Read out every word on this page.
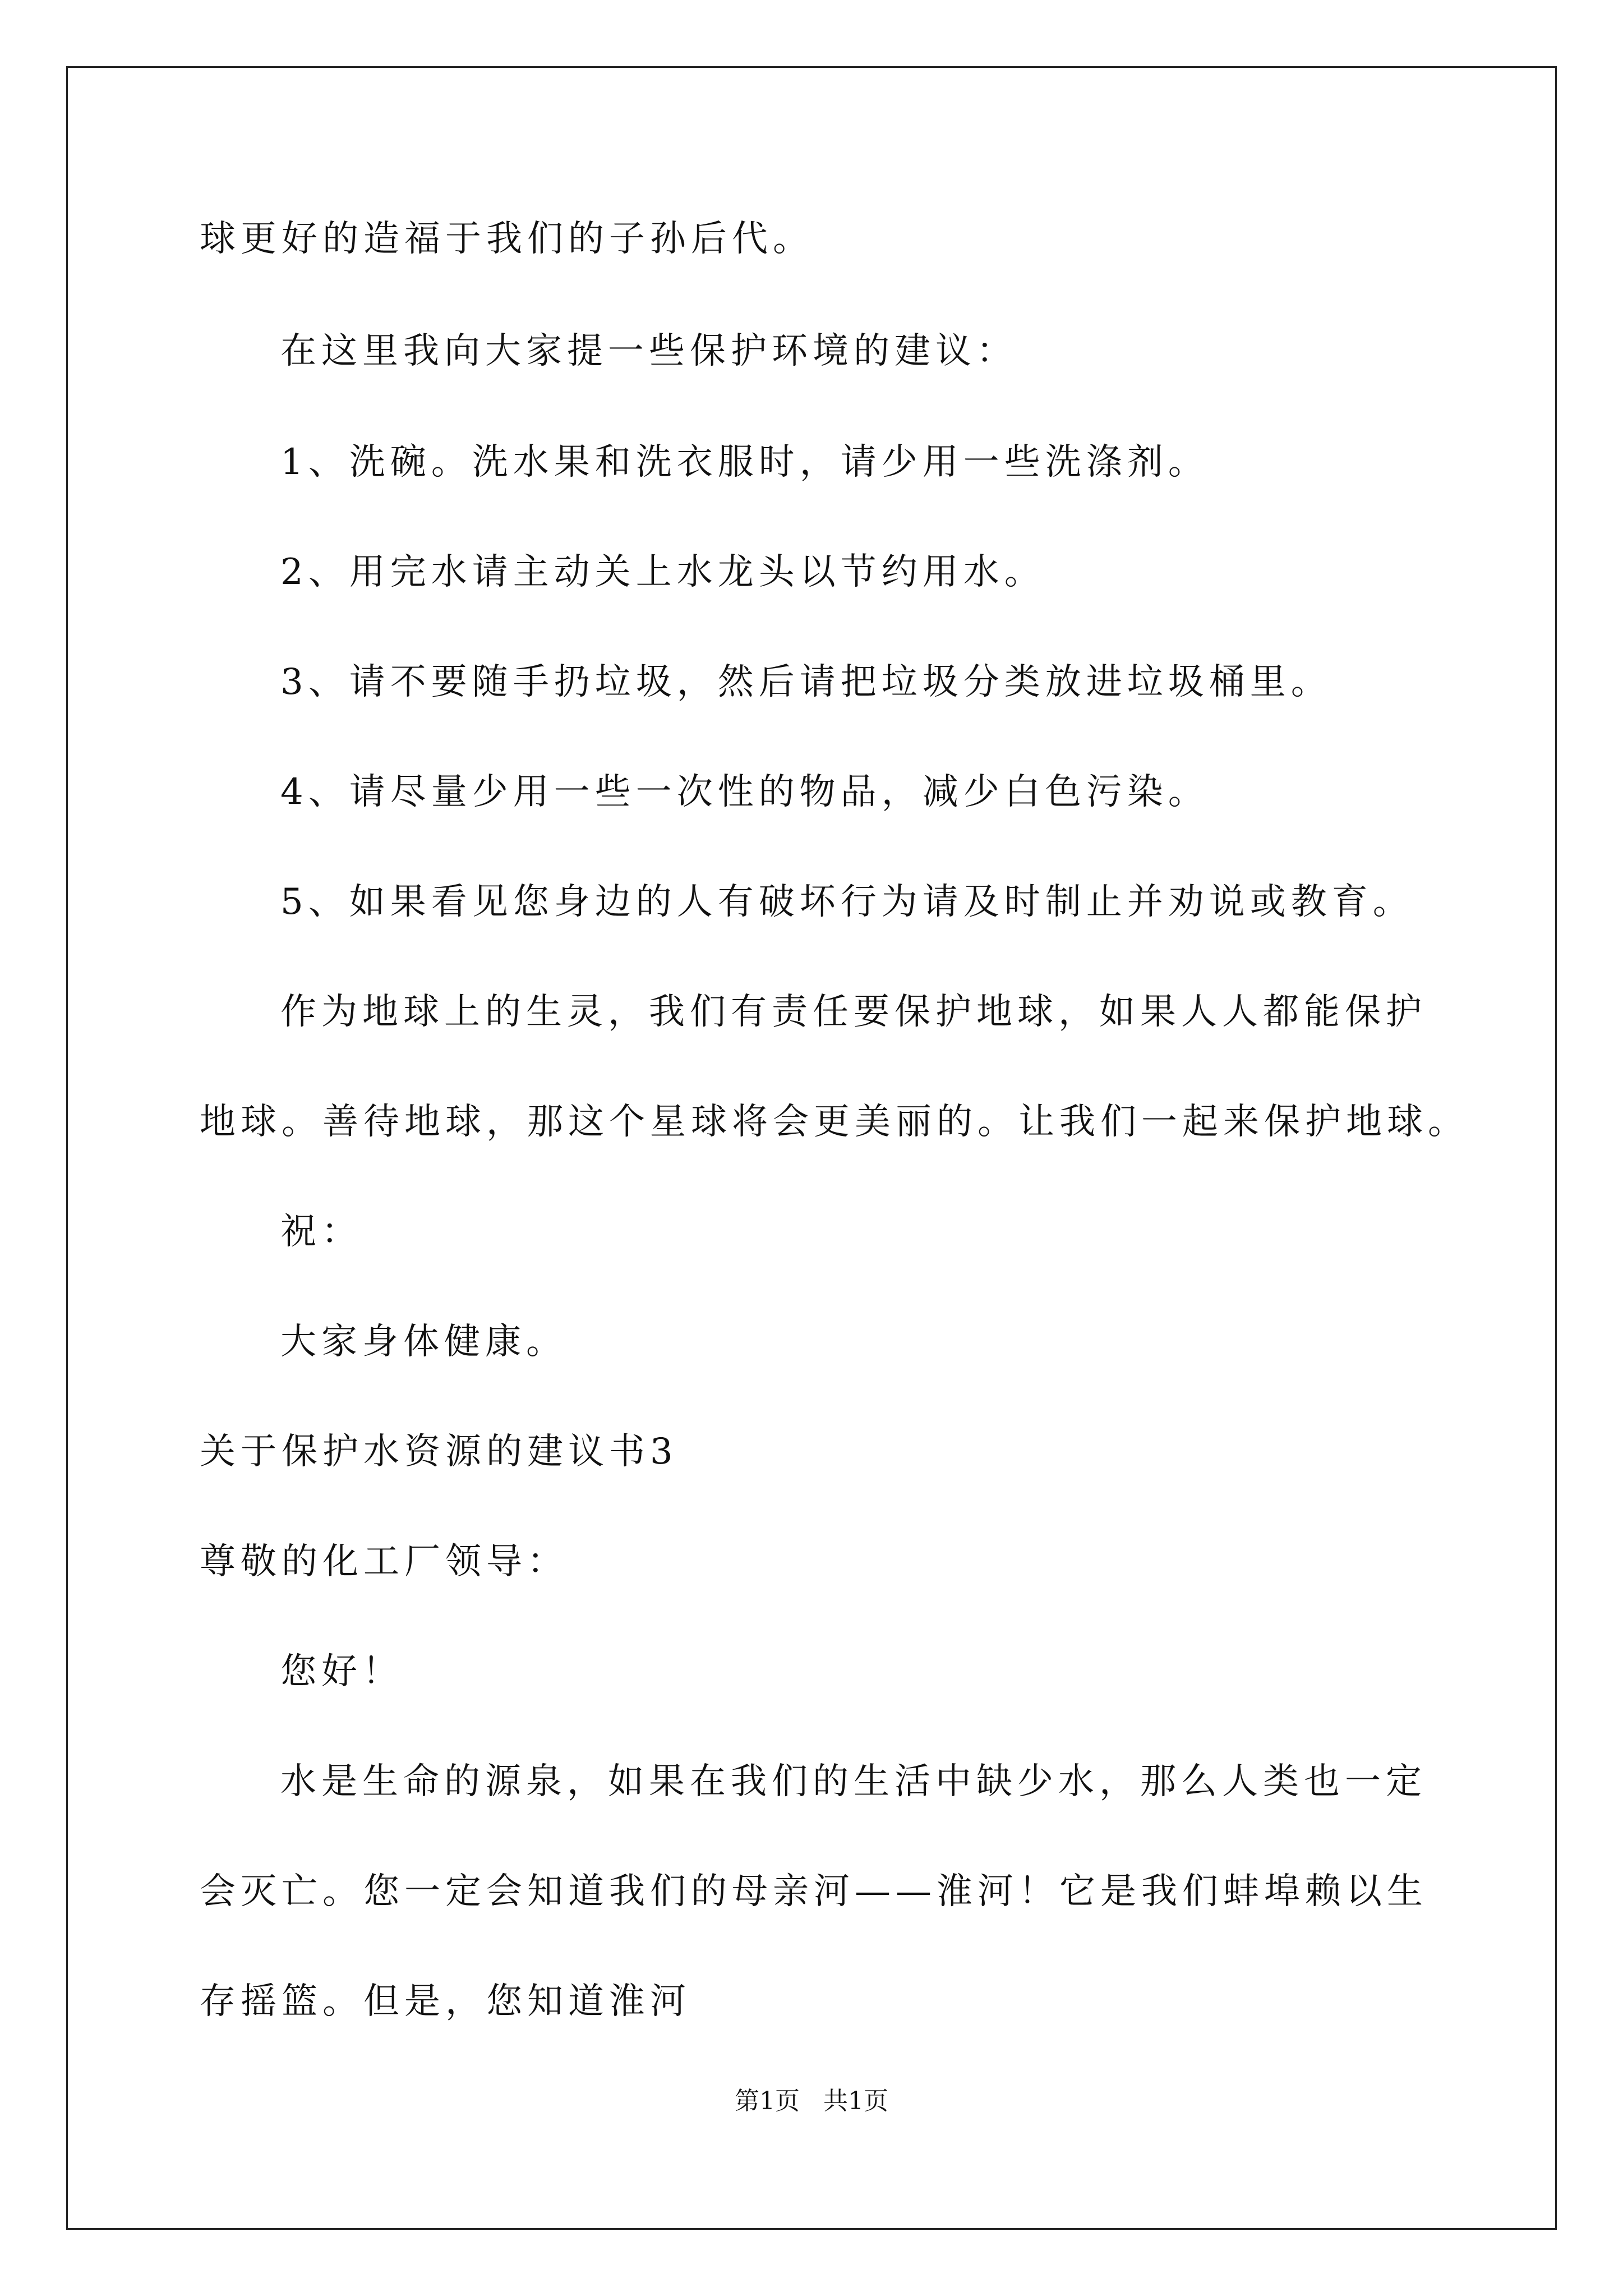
球更好的造福于我们的子孙后代。
在这里我向大家提一些保护环境的建议：
1、洗碗。洗水果和洗衣服时，请少用一些洗涤剂。
2、用完水请主动关上水龙头以节约用水。
3、请不要随手扔垃圾，然后请把垃圾分类放进垃圾桶里。
4、请尽量少用一些一次性的物品，减少白色污染。
5、如果看见您身边的人有破坏行为请及时制止并劝说或教育。
作为地球上的生灵，我们有责任要保护地球，如果人人都能保护
地球。善待地球，那这个星球将会更美丽的。让我们一起来保护地球。
祝：
大家身体健康。
关于保护水资源的建议书3
尊敬的化工厂领导：
您好！
水是生命的源泉，如果在我们的生活中缺少水，那么人类也一定
会灭亡。您一定会知道我们的母亲河——淮河！它是我们蚌埠赖以生
存摇篮。但是，您知道淮河
第1页   共1页
